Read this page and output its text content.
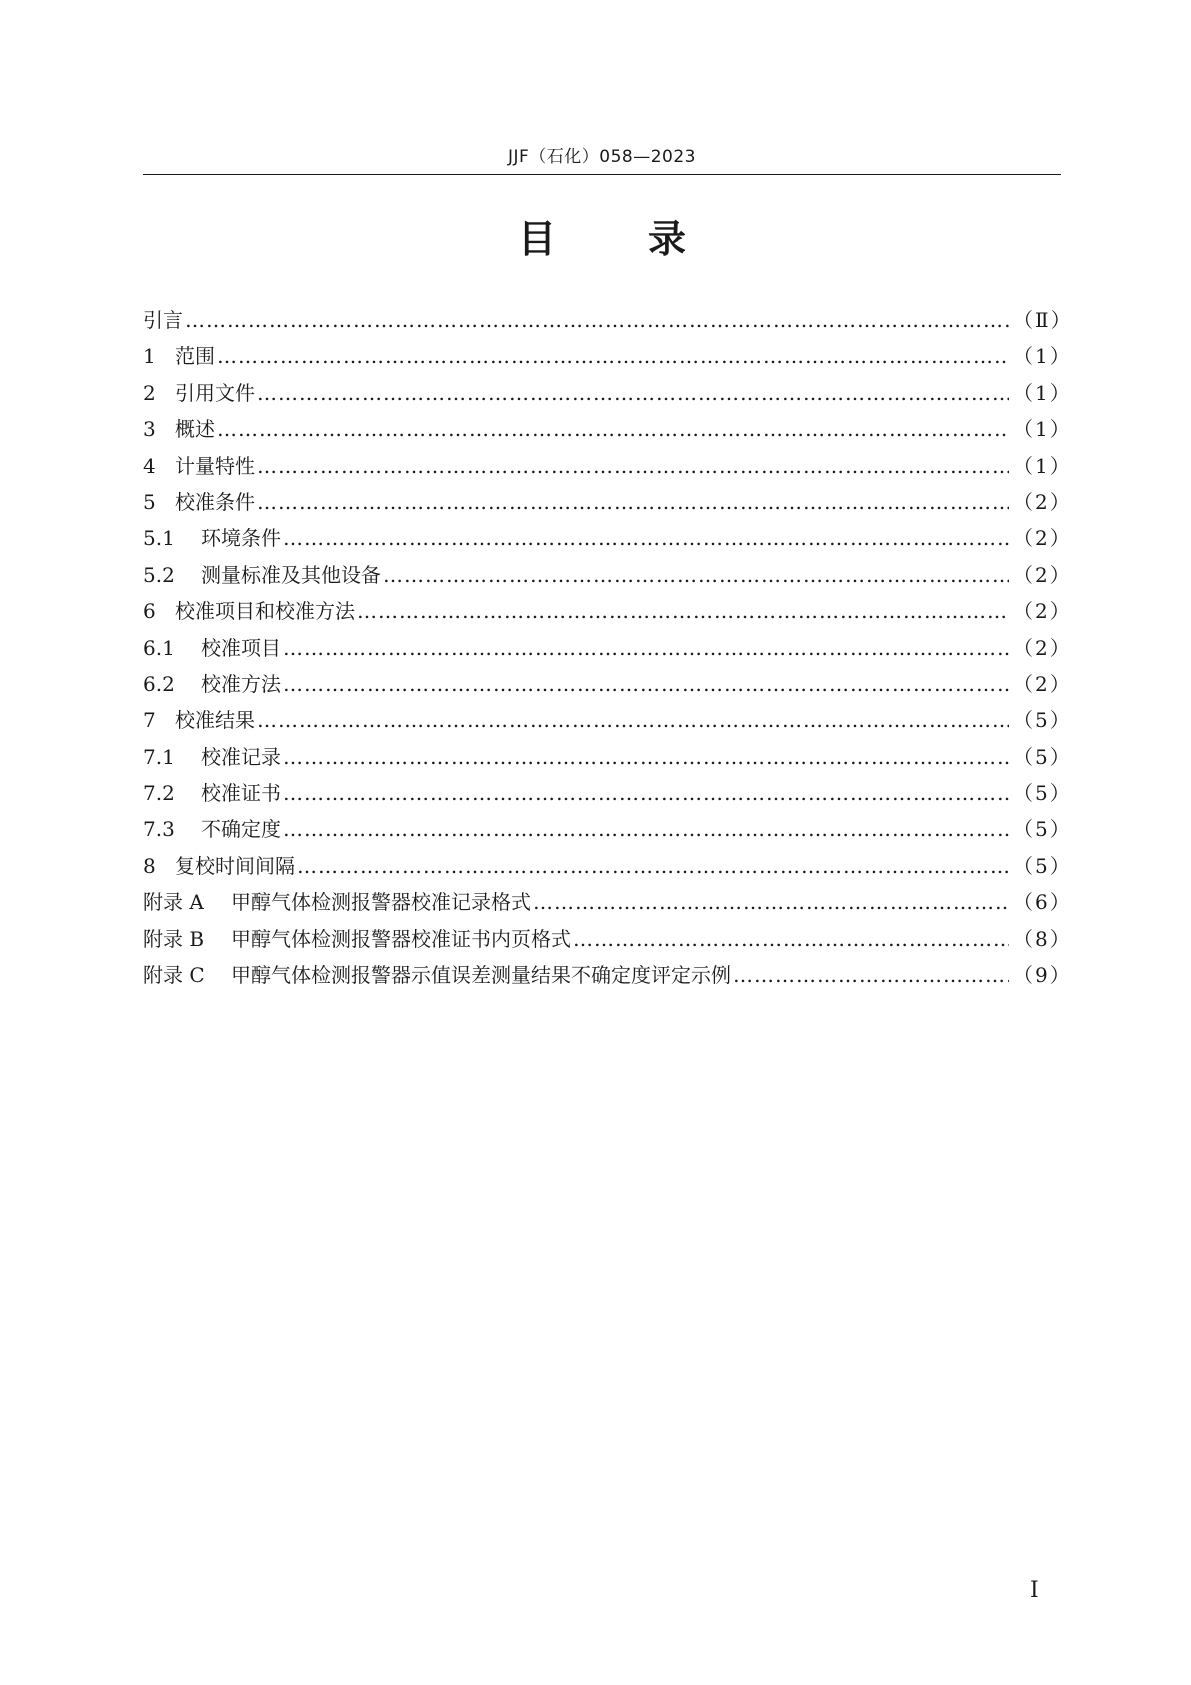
JJF（石化）058—2023
目 录
引言 …………………………………………………………………………………………………………………………………………………………………………………………	（Ⅱ）
1 范围 …………………………………………………………………………………………………………………………………………………………………………………………	（1）
2 引用文件 …………………………………………………………………………………………………………………………………………………………………………………………	（1）
3 概述 …………………………………………………………………………………………………………………………………………………………………………………………	（1）
4 计量特性 …………………………………………………………………………………………………………………………………………………………………………………………	（1）
5 校准条件 …………………………………………………………………………………………………………………………………………………………………………………………	（2）
5.1	环境条件 …………………………………………………………………………………………………………………………………………………………………………………………	（2）
5.2	测量标准及其他设备 …………………………………………………………………………………………………………………………………………………………………………………………	（2）
6 校准项目和校准方法 …………………………………………………………………………………………………………………………………………………………………………………………	（2）
6.1	校准项目 …………………………………………………………………………………………………………………………………………………………………………………………	（2）
6.2	校准方法 …………………………………………………………………………………………………………………………………………………………………………………………	（2）
7 校准结果 …………………………………………………………………………………………………………………………………………………………………………………………	（5）
7.1	校准记录 …………………………………………………………………………………………………………………………………………………………………………………………	（5）
7.2	校准证书 …………………………………………………………………………………………………………………………………………………………………………………………	（5）
7.3	不确定度 …………………………………………………………………………………………………………………………………………………………………………………………	（5）
8 复校时间间隔 …………………………………………………………………………………………………………………………………………………………………………………………	（5）
附录 A	甲醇气体检测报警器校准记录格式 …………………………………………………………………………………………………………………………………………………………………………………………	（6）
附录 B	甲醇气体检测报警器校准证书内页格式 …………………………………………………………………………………………………………………………………………………………………………………………	（8）
附录 C	甲醇气体检测报警器示值误差测量结果不确定度评定示例 …………………………………………………………………………………………………………………………………………………………………………………………	（9）
Ⅰ
